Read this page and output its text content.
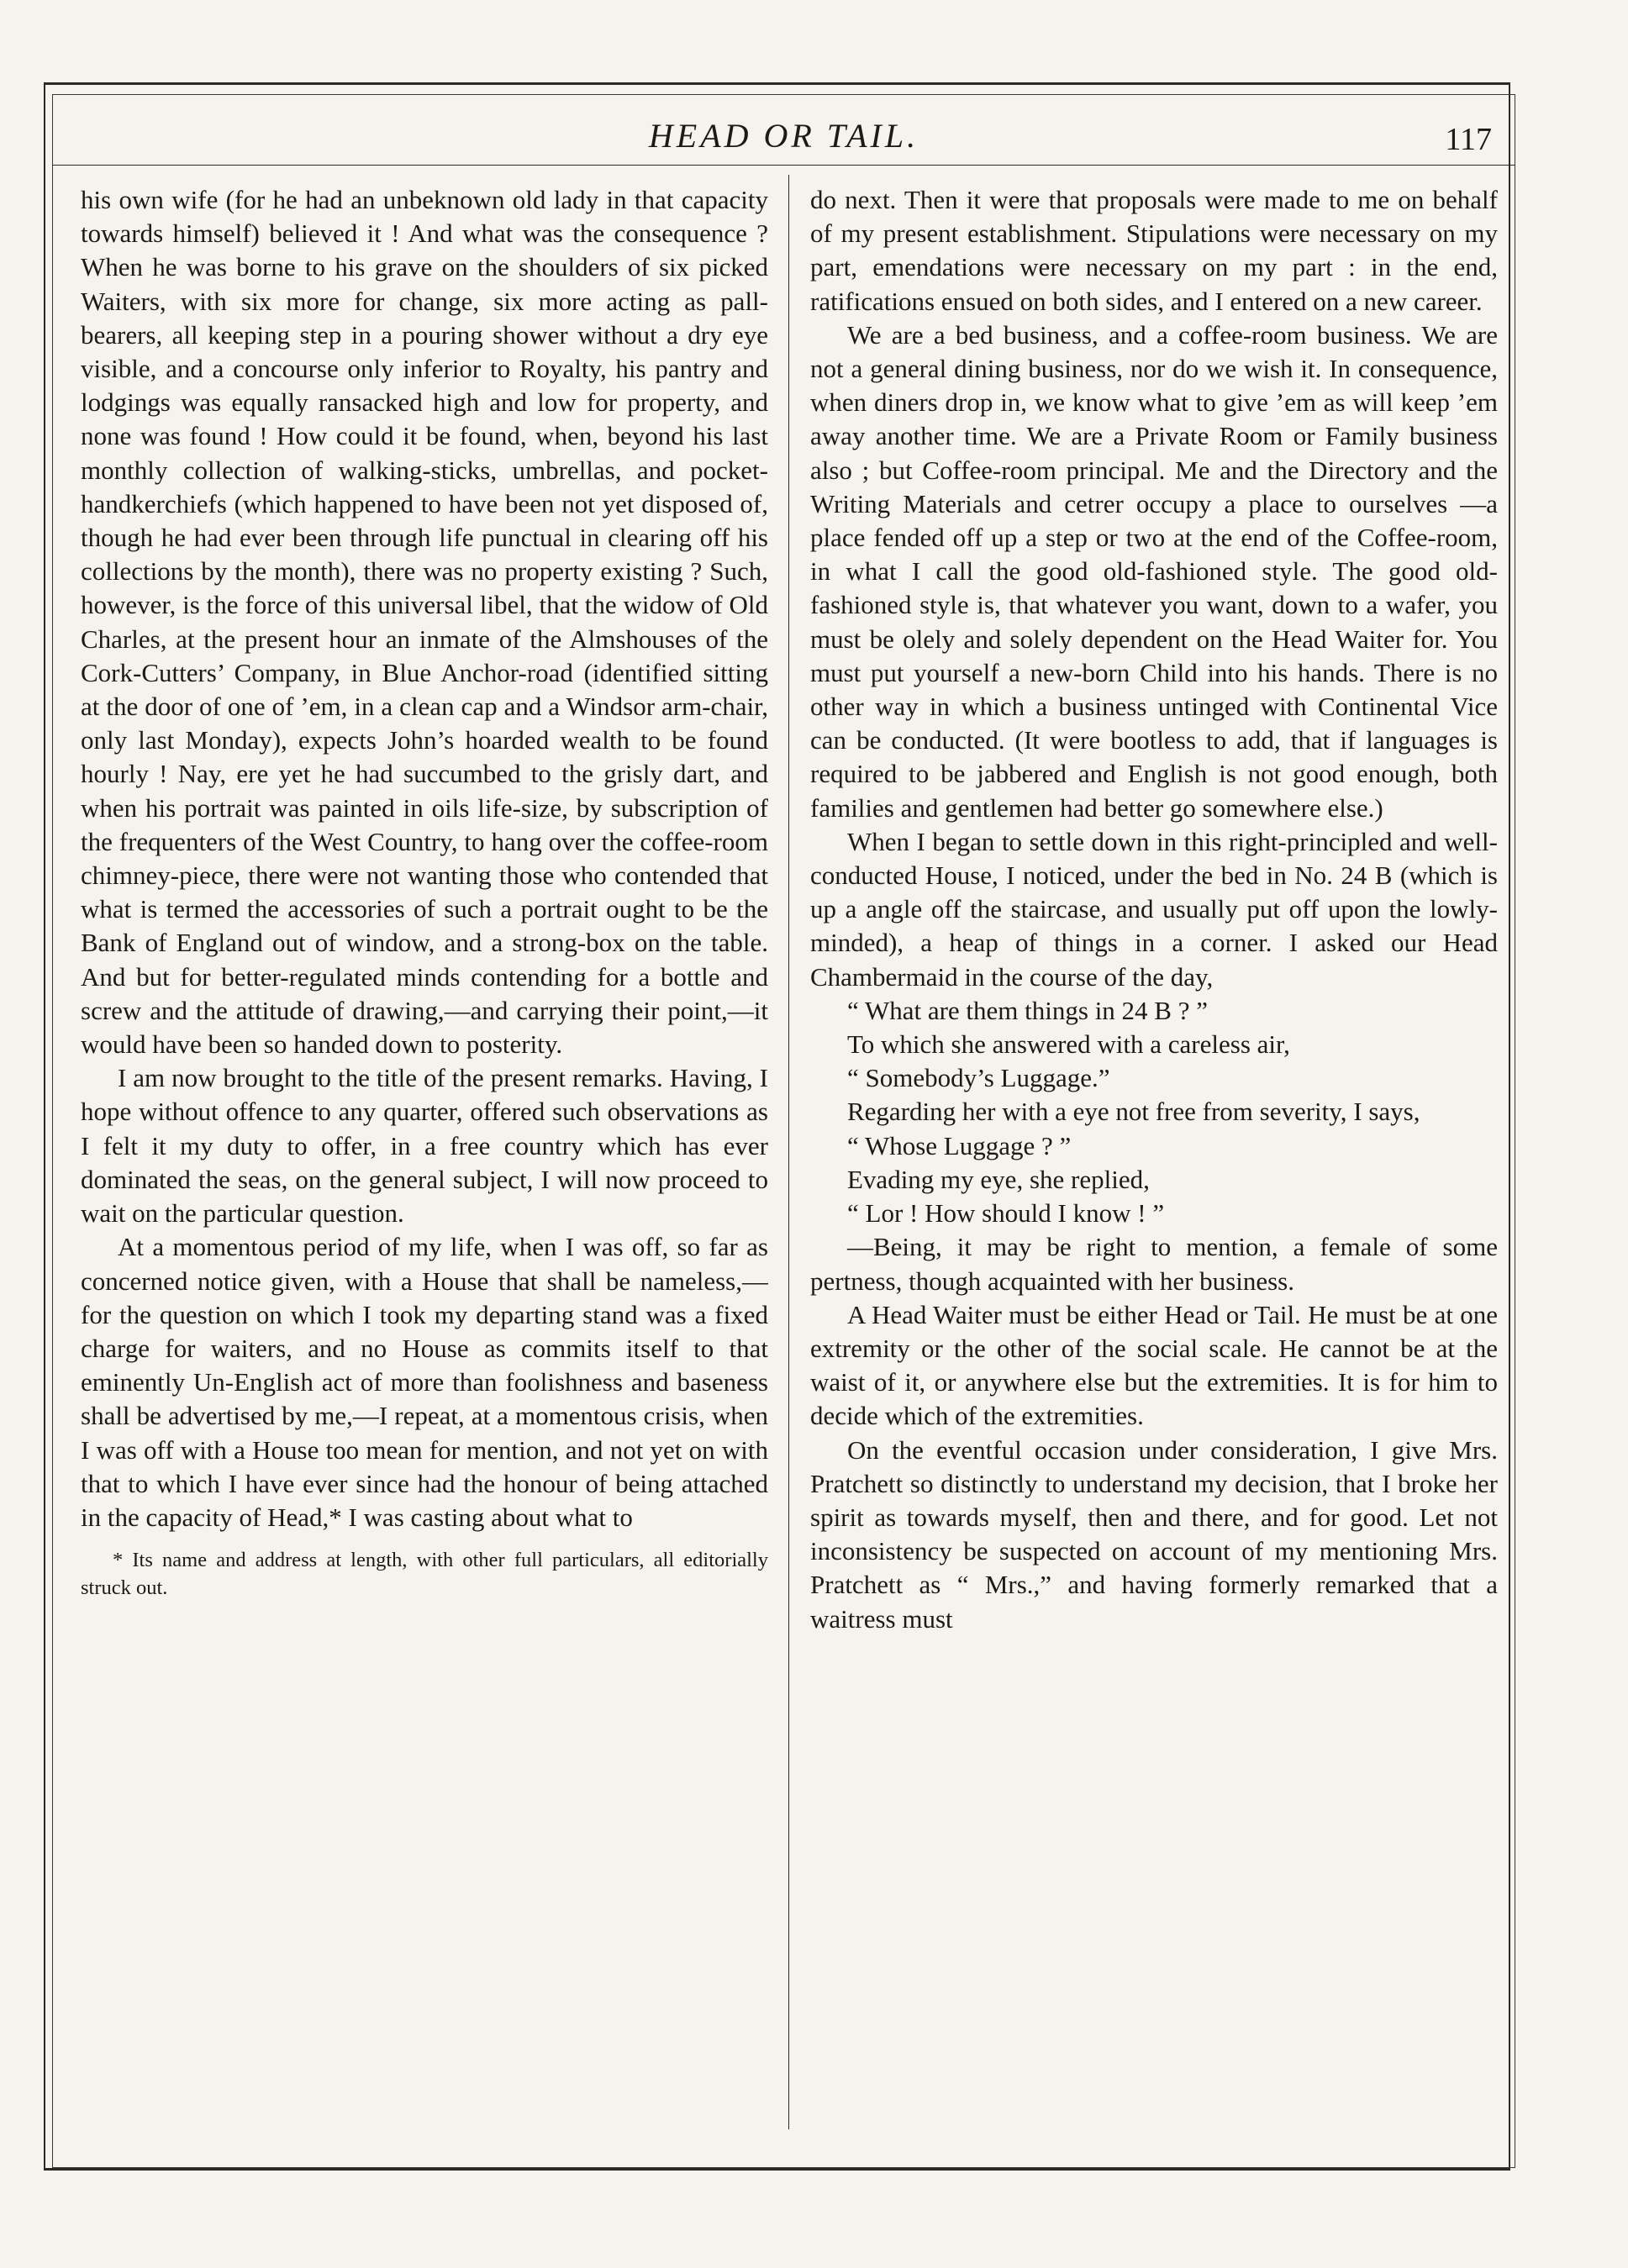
HEAD OR TAIL.	117

his own wife (for he had an unbeknown old lady in that capacity towards himself) believed it ! And what was the consequence ? When he was borne to his grave on the shoulders of six picked Waiters, with six more for change, six more acting as pall-bearers, all keeping step in a pouring shower without a dry eye visible, and a concourse only inferior to Royalty, his pantry and lodgings was equally ransacked high and low for property, and none was found ! How could it be found, when, beyond his last monthly collection of walking-sticks, umbrellas, and pocket-handkerchiefs (which happened to have been not yet disposed of, though he had ever been through life punctual in clearing off his collections by the month), there was no property existing ? Such, however, is the force of this universal libel, that the widow of Old Charles, at the present hour an inmate of the Almshouses of the Cork-Cutters’ Company, in Blue Anchor-road (identified sitting at the door of one of ’em, in a clean cap and a Windsor arm-chair, only last Monday), expects John’s hoarded wealth to be found hourly ! Nay, ere yet he had succumbed to the grisly dart, and when his portrait was painted in oils life-size, by subscription of the frequenters of the West Country, to hang over the coffee-room chimney-piece, there were not wanting those who contended that what is termed the accessories of such a portrait ought to be the Bank of England out of window, and a strong-box on the table. And but for better-regulated minds contending for a bottle and screw and the attitude of drawing,—and carrying their point,—it would have been so handed down to posterity.

I am now brought to the title of the present remarks. Having, I hope without offence to any quarter, offered such observations as I felt it my duty to offer, in a free country which has ever dominated the seas, on the general subject, I will now proceed to wait on the particular question.

At a momentous period of my life, when I was off, so far as concerned notice given, with a House that shall be nameless,—for the question on which I took my departing stand was a fixed charge for waiters, and no House as commits itself to that eminently Un-English act of more than foolishness and baseness shall be advertised by me,—I repeat, at a momentous crisis, when I was off with a House too mean for mention, and not yet on with that to which I have ever since had the honour of being attached in the capacity of Head,* I was casting about what to

* Its name and address at length, with other full particulars, all editorially struck out.

do next. Then it were that proposals were made to me on behalf of my present establishment. Stipulations were necessary on my part, emendations were necessary on my part : in the end, ratifications ensued on both sides, and I entered on a new career.

We are a bed business, and a coffee-room business. We are not a general dining business, nor do we wish it. In consequence, when diners drop in, we know what to give ’em as will keep ’em away another time. We are a Private Room or Family business also ; but Coffee-room principal. Me and the Directory and the Writing Materials and cetrer occupy a place to ourselves —a place fended off up a step or two at the end of the Coffee-room, in what I call the good old-fashioned style. The good old-fashioned style is, that whatever you want, down to a wafer, you must be olely and solely dependent on the Head Waiter for. You must put yourself a new-born Child into his hands. There is no other way in which a business untinged with Continental Vice can be conducted. (It were bootless to add, that if languages is required to be jabbered and English is not good enough, both families and gentlemen had better go somewhere else.)

When I began to settle down in this right-principled and well-conducted House, I noticed, under the bed in No. 24 B (which is up a angle off the staircase, and usually put off upon the lowly-minded), a heap of things in a corner. I asked our Head Chambermaid in the course of the day,

“ What are them things in 24 B ? ”

To which she answered with a careless air,

“ Somebody’s Luggage.”

Regarding her with a eye not free from severity, I says,

“ Whose Luggage ? ”

Evading my eye, she replied,

“ Lor ! How should I know ! ”

—Being, it may be right to mention, a female of some pertness, though acquainted with her business.

A Head Waiter must be either Head or Tail. He must be at one extremity or the other of the social scale. He cannot be at the waist of it, or anywhere else but the extremities. It is for him to decide which of the extremities.

On the eventful occasion under consideration, I give Mrs. Pratchett so distinctly to understand my decision, that I broke her spirit as towards myself, then and there, and for good. Let not inconsistency be suspected on account of my mentioning Mrs. Pratchett as “ Mrs.,” and having formerly remarked that a waitress must
